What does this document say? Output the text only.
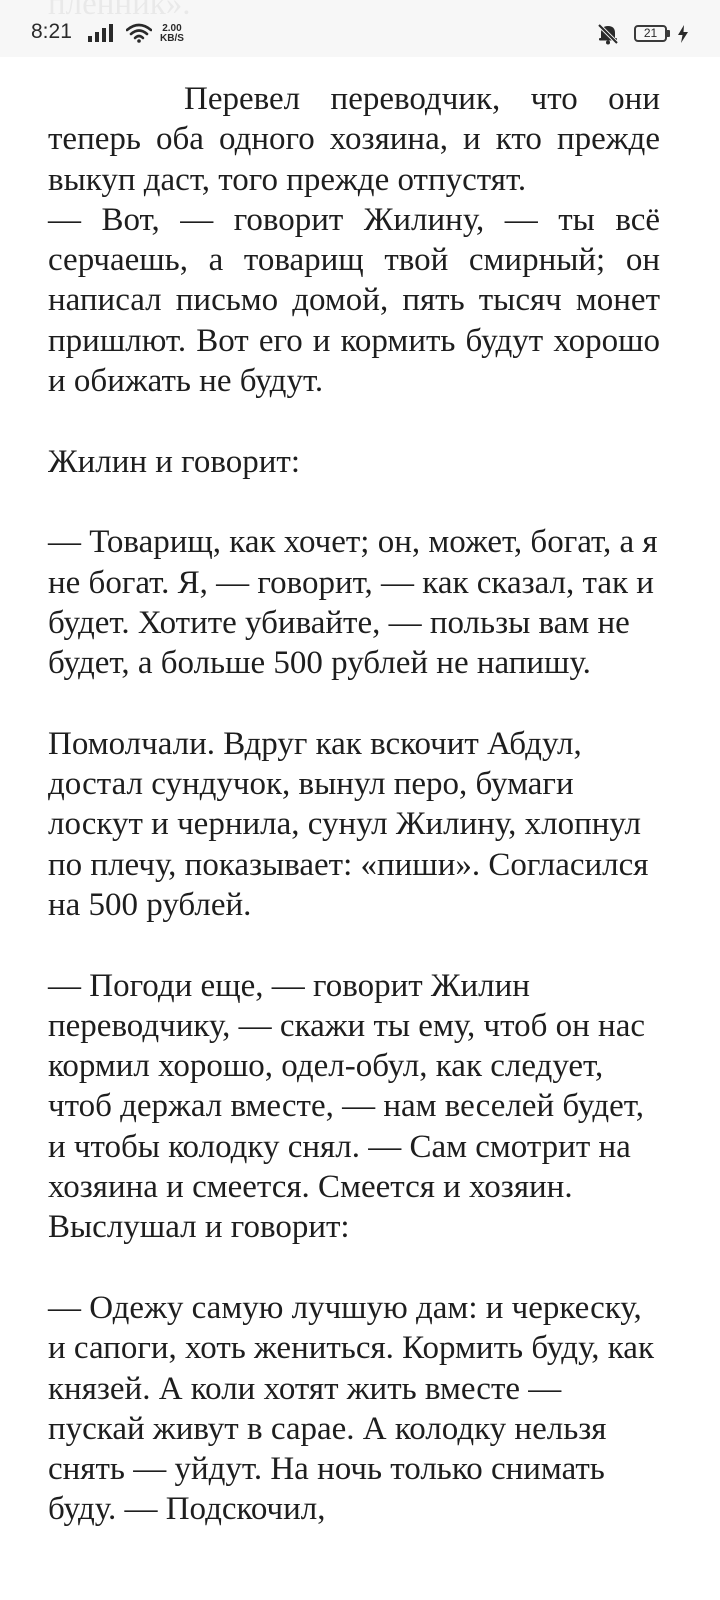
8:21	2.00
KB/S	21

Перевел переводчик, что они теперь оба одного хозяина, и кто прежде выкуп даст, того прежде отпустят.
— Вот, — говорит Жилину, — ты всё серчаешь, а товарищ твой смирный; он написал письмо домой, пять тысяч монет пришлют. Вот его и кормить будут хорошо и обижать не будут.

Жилин и говорит:

— Товарищ, как хочет; он, может, богат, а я не богат. Я, — говорит, — как сказал, так и будет. Хотите убивайте, — пользы вам не будет, а больше 500 рублей не напишу.

Помолчали. Вдруг как вскочит Абдул, достал сундучок, вынул перо, бумаги лоскут и чернила, сунул Жилину, хлопнул по плечу, показывает: «пиши». Согласился на 500 рублей.

— Погоди еще, — говорит Жилин переводчику, — скажи ты ему, чтоб он нас кормил хорошо, одел-обул, как следует, чтоб держал вместе, — нам веселей будет, и чтобы колодку снял. — Сам смотрит на хозяина и смеется. Смеется и хозяин. Выслушал и говорит:

— Одежу самую лучшую дам: и черкеску, и сапоги, хоть жениться. Кормить буду, как князей. А коли хотят жить вместе — пускай живут в сарае. А колодку нельзя снять — уйдут. На ночь только снимать буду. — Подскочил,
